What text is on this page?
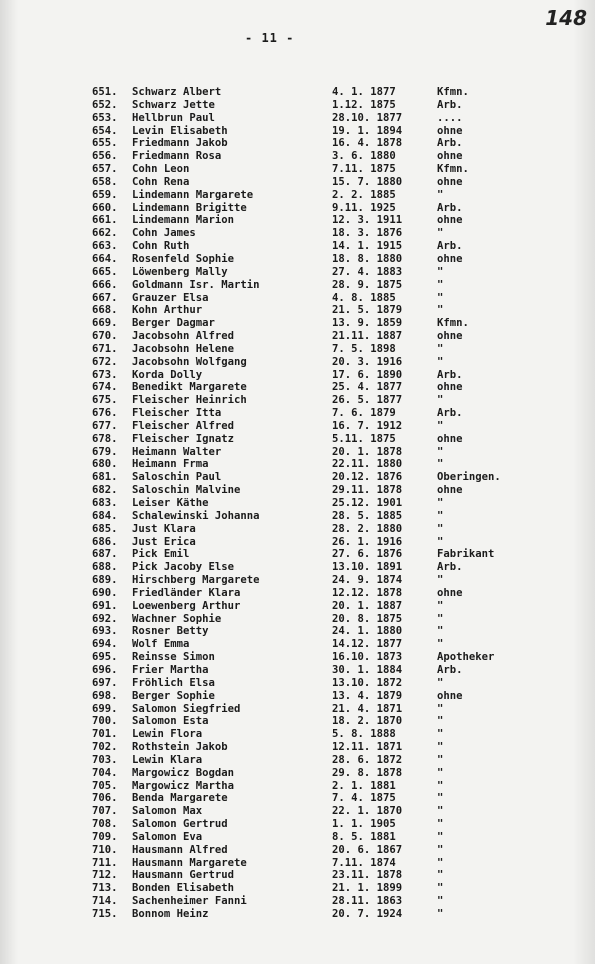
148
- 11 -
651. Schwarz Albert	4. 1. 1877	Kfmn.
652. Schwarz Jette	1.12. 1875	Arb.
653. Hellbrun Paul	28.10. 1877	....
654. Levin Elisabeth	19. 1. 1894	ohne
655. Friedmann Jakob	16. 4. 1878	Arb.
656. Friedmann Rosa	3. 6. 1880	ohne
657. Cohn Leon	7.11. 1875	Kfmn.
658. Cohn Rena	15. 7. 1880	ohne
659. Lindemann Margarete	2. 2. 1885	"
660. Lindemann Brigitte	9.11. 1925	Arb.
661. Lindemann Marion	12. 3. 1911	ohne
662. Cohn James	18. 3. 1876	"
663. Cohn Ruth	14. 1. 1915	Arb.
664. Rosenfeld Sophie	18. 8. 1880	ohne
665. Löwenberg Mally	27. 4. 1883	"
666. Goldmann Isr. Martin	28. 9. 1875	"
667. Grauzer Elsa	4. 8. 1885	"
668. Kohn Arthur	21. 5. 1879	"
669. Berger Dagmar	13. 9. 1859	Kfmn.
670. Jacobsohn Alfred	21.11. 1887	ohne
671. Jacobsohn Helene	7. 5. 1898	"
672. Jacobsohn Wolfgang	20. 3. 1916	"
673. Korda Dolly	17. 6. 1890	Arb.
674. Benedikt Margarete	25. 4. 1877	ohne
675. Fleischer Heinrich	26. 5. 1877	"
676. Fleischer Itta	7. 6. 1879	Arb.
677. Fleischer Alfred	16. 7. 1912	"
678. Fleischer Ignatz	5.11. 1875	ohne
679. Heimann Walter	20. 1. 1878	"
680. Heimann Frma	22.11. 1880	"
681. Saloschin Paul	20.12. 1876	Oberingen.
682. Saloschin Malvine	29.11. 1878	ohne
683. Leiser Käthe	25.12. 1901	"
684. Schalewinski Johanna	28. 5. 1885	"
685. Just Klara	28. 2. 1880	"
686. Just Erica	26. 1. 1916	"
687. Pick Emil	27. 6. 1876	Fabrikant
688. Pick Jacoby Else	13.10. 1891	Arb.
689. Hirschberg Margarete	24. 9. 1874	"
690. Friedländer Klara	12.12. 1878	ohne
691. Loewenberg Arthur	20. 1. 1887	"
692. Wachner Sophie	20. 8. 1875	"
693. Rosner Betty	24. 1. 1880	"
694. Wolf Emma	14.12. 1877	"
695. Reinsse Simon	16.10. 1873	Apotheker
696. Frier Martha	30. 1. 1884	Arb.
697. Fröhlich Elsa	13.10. 1872	"
698. Berger Sophie	13. 4. 1879	ohne
699. Salomon Siegfried	21. 4. 1871	"
700. Salomon Esta	18. 2. 1870	"
701. Lewin Flora	5. 8. 1888	"
702. Rothstein Jakob	12.11. 1871	"
703. Lewin Klara	28. 6. 1872	"
704. Margowicz Bogdan	29. 8. 1878	"
705. Margowicz Martha	2. 1. 1881	"
706. Benda Margarete	7. 4. 1875	"
707. Salomon Max	22. 1. 1870	"
708. Salomon Gertrud	1. 1. 1905	"
709. Salomon Eva	8. 5. 1881	"
710. Hausmann Alfred	20. 6. 1867	"
711. Hausmann Margarete	7.11. 1874	"
712. Hausmann Gertrud	23.11. 1878	"
713. Bonden Elisabeth	21. 1. 1899	"
714. Sachenheimer Fanni	28.11. 1863	"
715. Bonnom Heinz	20. 7. 1924	"
